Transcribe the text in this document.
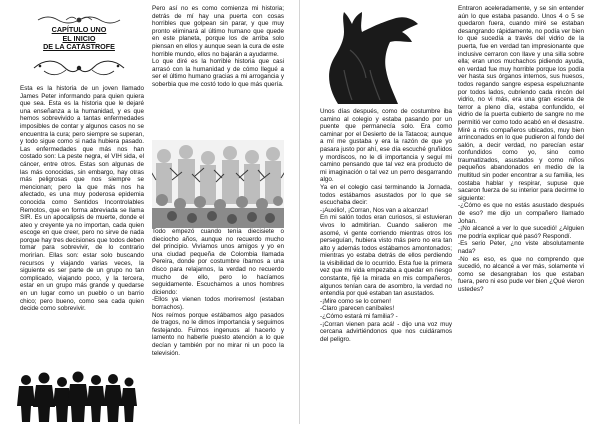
CAPÍTULO UNO
EL INICIO
DE LA CATÁSTROFE

Esta es la historia de un joven llamado James Peter informando para quien quiera que sea. Esta es la historia que le dejaré una enseñanza a la humanidad, y es que hemos sobrevivido a tantas enfermedades imposibles de contar y algunos casos no se encuentra la cura; pero siempre se superan, y todo sigue como si nada hubiera pasado. Las enfermedades que más nos han costado son: La peste negra, el VIH sida, el cáncer, entre otros. Estas son algunas de las más conocidas, sin embargo, hay otras más peligrosas que nos siempre se mencionan; pero la que más nos ha afectado, es una muy poderosa epidemia conocida como Sentidos Incontrolables Remotos, que en forma abreviada se llama SIR. Es un apocalipsis de muerte, donde el ateo y creyente ya no importan, cada quien escoge en que creer, pero no sirve de nada porque hay tres decisiones que todos deben tomar para sobrevivir, de lo contrario morirían. Ellas son: estar solo buscando recursos y viajando varias veces, la siguiente es ser parte de un grupo no tan complicado, viajando poco, y la tercera, estar en un grupo más grande y quedarse en un lugar como un pueblo o un barrio chico; pero bueno, como sea cada quien decide como sobrevivir.

Pero así no es como comienza mi historia; detrás de mí hay una puerta con cosas horribles que golpean sin parar, y que muy pronto eliminará al último humano que quede en este planeta, porque los de arriba solo piensan en ellos y aunque sean la cura de este horrible mundo, ellos no bajarán a ayudarme.

Lo que diré es la horrible historia que casi arrasó con la humanidad y de cómo llegué a ser el último humano gracias a mi arrogancia y soberbia que me costó todo lo que más quería.

Todo empezó cuando tenía diecisiete o dieciocho años, aunque no recuerdo mucho del principio. Vivíamos unos amigos y yo en una ciudad pequeña de Colombia llamada Pereira, donde por costumbre íbamos a una disco para relajarnos, la verdad no recuerdo mucho de ello, pero lo hacíamos seguidamente. Escuchamos a unos hombres diciendo:

-Ellos ya vienen todos moriremos! (estaban borrachos).

Nos reímos porque estábamos algo pasados de tragos, no le dimos importancia y seguimos festejando. Fuimos ingenuos al hacerlo y lamento no haberle puesto atención a lo que decían y también por no mirar ni un poco la televisión.

Unos días después, como de costumbre iba camino al colegio y estaba pasando por un puente que permanecía solo. Era como caminar por el Desierto de la Tatacoa; aunque a mí me gustaba y era la razón de que yo pasara justo por ahí, ese día escuché gruñidos y mordiscos, no le di importancia y seguí mi camino pensando que tal vez era producto de mi imaginación o tal vez un perro desgarrando algo.

Ya en el colegio casi terminando la Jornada, todos estábamos asustados por lo que se escuchaba decir:

-¡Auxilio!, ¡Corran, Nos van a alcanzar!

En mi salón todos eran curiosos, si estuvieran vivos lo admitirían. Cuando salieron me asomé, vi gente corriendo mientras otros los perseguían, hubiera visto más pero no era tan alto y además todos estábamos amontonados; mientras yo estaba detrás de ellos perdiendo la visibilidad de lo ocurrido. Esta fue la primera vez que mi vida empezaba a quedar en riesgo constante, fijé la mirada en mis compañeros, algunos tenían cara de asombro, la verdad no entendía por qué estaban tan asustados.

-¡Mire como se lo comen!

-Claro ¡parecen caníbales!

-¿Cómo estará mi familia? -

-¡Corran vienen para acá! - dijo una voz muy cercana advirtiéndonos que nos cuidáramos del peligro.

Entraron aceleradamente, y se sin entender aún lo que estaba pasando. Unos 4 o 5 se quedaron fuera, cuando miré se estaban desangrando rápidamente, no podía ver bien lo que sucedía a través del vidrio de la puerta, fue en verdad tan impresionante que inclusive cerraron con llave y una silla sobre ella; eran unos muchachos pidiendo ayuda, en verdad fue muy horrible porque los podía ver hasta sus órganos internos, sus huesos, todos regando sangre espesa espeluznante por todos lados, cubriendo cada rincón del vidrio, no vi más, era una gran escena de terror a pleno día, estaba confundido, el vidrio de la puerta cubierto de sangre no me permitió ver como todo acabó en el desastre.

Miré a mis compañeros ubicados, muy bien arrinconados en lo que pudieron al fondo del salón, a decir verdad, no parecían estar confundidos como yo, sino como traumatizados, asustados y como niños pequeños abandonados en medio de la multitud sin poder encontrar a su familia, les costaba hablar y respirar, supuse que sacaron fuerza de su interior para decirme lo siguiente:

-¿Cómo es que no estás asustado después de eso? me dijo un compañero llamado Johan.

-¡No alcancé a ver lo que sucedió! ¿Alguien me podría explicar qué pasó? Respondí.

-Es serio Peter, ¿no viste absolutamente nada?

-No es eso, es que no comprendo que sucedió, no alcancé a ver más, solamente vi como se desangraban los que estaban fuera, pero ni eso pude ver bien ¿Qué vieron ustedes?
